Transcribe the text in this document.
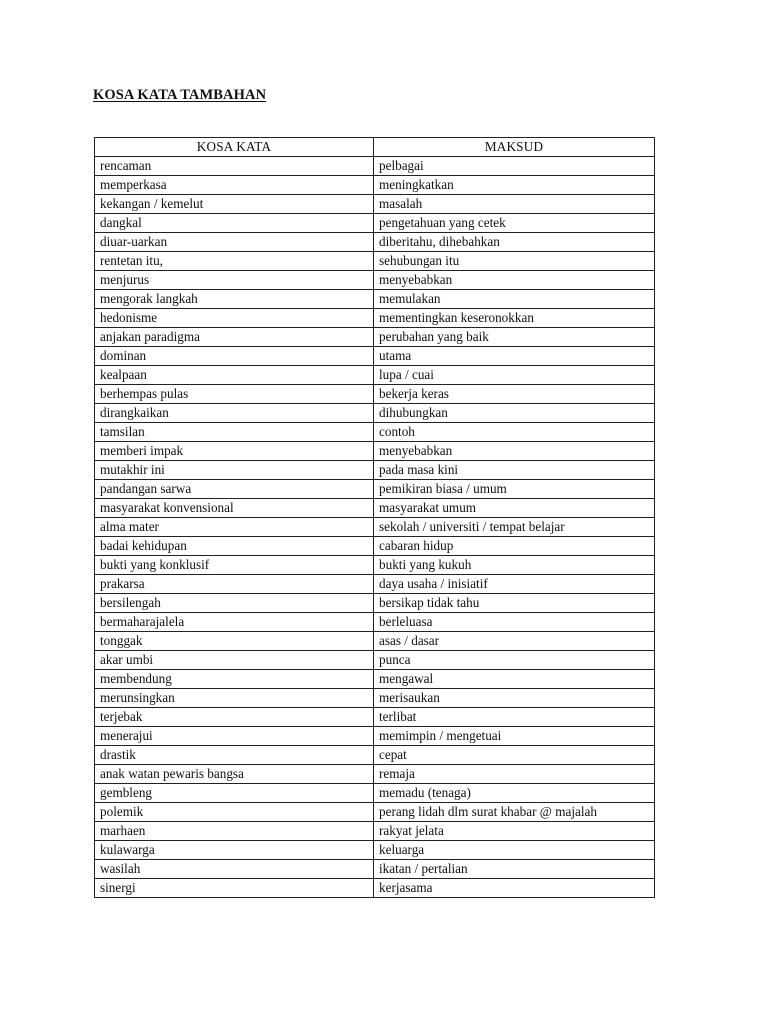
KOSA KATA TAMBAHAN
KOSA KATA	MAKSUD
rencaman	pelbagai
memperkasa	meningkatkan
kekangan / kemelut	masalah
dangkal	pengetahuan yang cetek
diuar-uarkan	diberitahu, dihebahkan
rentetan itu,	sehubungan itu
menjurus	menyebabkan
mengorak langkah	memulakan
hedonisme	mementingkan keseronokkan
anjakan paradigma	perubahan yang baik
dominan	utama
kealpaan	lupa / cuai
berhempas pulas	bekerja keras
dirangkaikan	dihubungkan
tamsilan	contoh
memberi impak	menyebabkan
mutakhir ini	pada masa kini
pandangan sarwa	pemikiran biasa / umum
masyarakat konvensional	masyarakat umum
alma mater	sekolah / universiti / tempat belajar
badai kehidupan	cabaran hidup
bukti yang konklusif	bukti yang kukuh
prakarsa	daya usaha / inisiatif
bersilengah	bersikap tidak tahu
bermaharajalela	berleluasa
tonggak	asas / dasar
akar umbi	punca
membendung	mengawal
merunsingkan	merisaukan
terjebak	terlibat
menerajui	memimpin / mengetuai
drastik	cepat
anak watan pewaris bangsa	remaja
gembleng	memadu (tenaga)
polemik	perang lidah dlm surat khabar @ majalah
marhaen	rakyat jelata
kulawarga	keluarga
wasilah	ikatan / pertalian
sinergi	kerjasama
